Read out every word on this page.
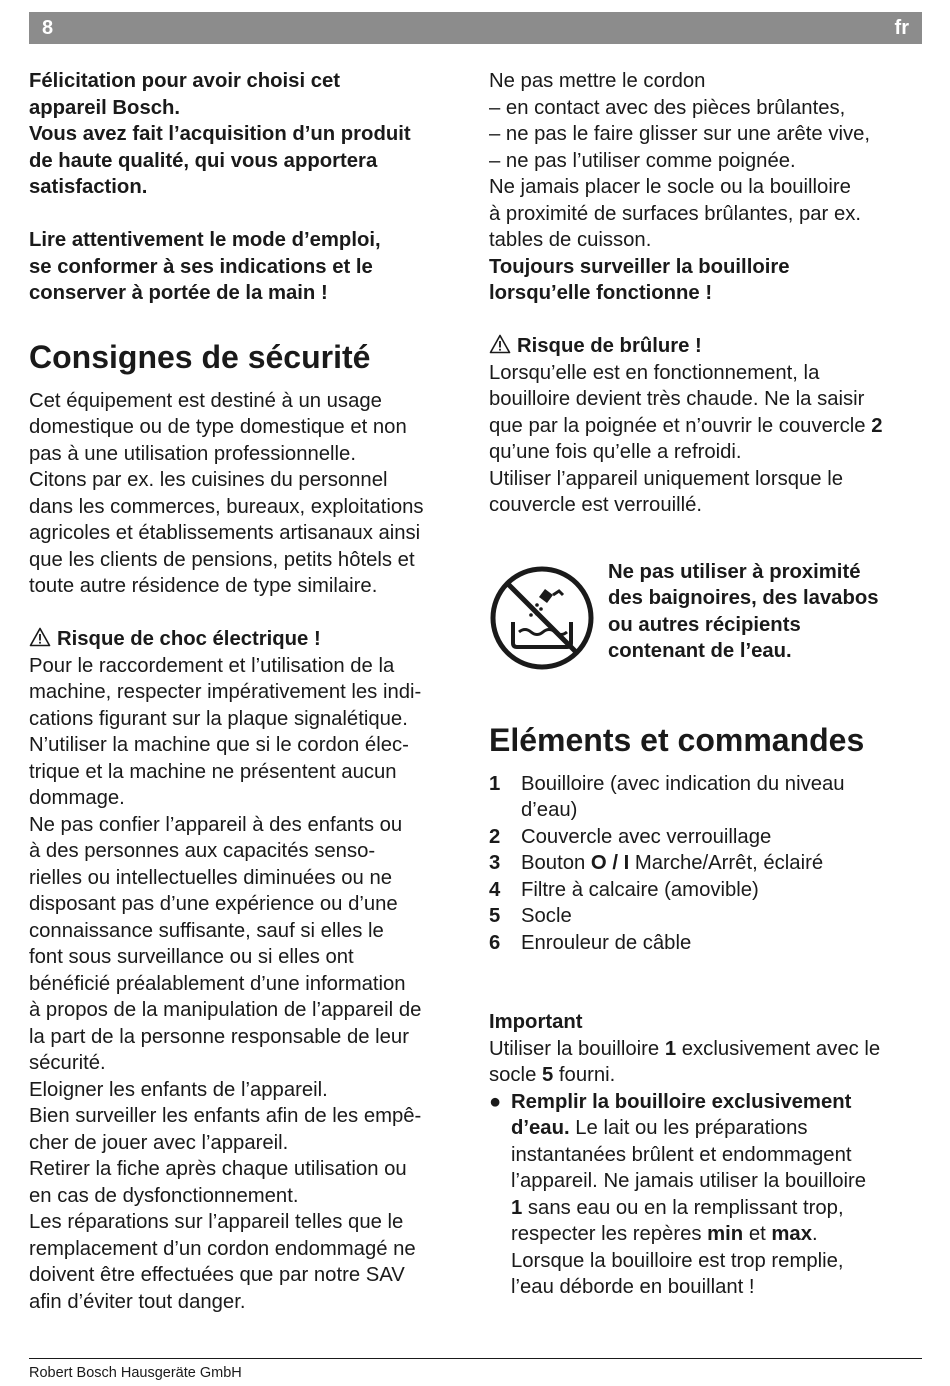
8	fr

Félicitation pour avoir choisi cet

appareil Bosch.

Vous avez fait l’acquisition d’un produit

de haute qualité, qui vous apportera

satisfaction.

Lire attentivement le mode d’emploi,

se conformer à ses indications et le

conserver à portée de la main !

Consignes de sécurité

Cet équipement est destiné à un usage

domestique ou de type domestique et non

pas à une utilisation professionnelle.

Citons par ex. les cuisines du personnel

dans les commerces, bureaux, exploitations

agricoles et établissements artisanaux ainsi

que les clients de pensions, petits hôtels et

toute autre résidence de type similaire.

Risque de choc électrique !

Pour le raccordement et l’utilisation de la

machine, respecter impérativement les indi-

cations figurant sur la plaque signalétique.

N’utiliser la machine que si le cordon élec-

trique et la machine ne présentent aucun

dommage.

Ne pas confier l’appareil à des enfants ou

à des personnes aux capacités senso-

rielles ou intellectuelles diminuées ou ne

disposant pas d’une expérience ou d’une

connaissance suffisante, sauf si elles le

font sous surveillance ou si elles ont

bénéficié préalablement d’une information

à propos de la manipulation de l’appareil de

la part de la personne responsable de leur

sécurité.

Eloigner les enfants de l’appareil.

Bien surveiller les enfants afin de les empê-

cher de jouer avec l’appareil.

Retirer la fiche après chaque utilisation ou

en cas de dysfonctionnement.

Les réparations sur l’appareil telles que le

remplacement d’un cordon endommagé ne

doivent être effectuées que par notre SAV

afin d’éviter tout danger.

Ne pas mettre le cordon

– en contact avec des pièces brûlantes,

– ne pas le faire glisser sur une arête vive,

– ne pas l’utiliser comme poignée.

Ne jamais placer le socle ou la bouilloire

à proximité de surfaces brûlantes, par ex.

tables de cuisson.

Toujours surveiller la bouilloire

lorsqu’elle fonctionne !

Risque de brûlure !

Lorsqu’elle est en fonctionnement, la

bouilloire devient très chaude. Ne la saisir

que par la poignée et n’ouvrir le couvercle 2

qu’une fois qu’elle a refroidi.

Utiliser l’appareil uniquement lorsque le

couvercle est verrouillé.

Ne pas utiliser à proximité

des baignoires, des lavabos

ou autres récipients

contenant de l’eau.

Eléments et commandes
1 Bouilloire (avec indication du niveau

d’eau)

2 Couvercle avec verrouillage

3 Bouton O / I Marche/Arrêt, éclairé

4 Filtre à calcaire (amovible)

5 Socle

6 Enrouleur de câble

Important

Utiliser la bouilloire 1 exclusivement avec le

socle 5 fourni.

● Remplir la bouilloire exclusivement

d’eau. Le lait ou les préparations

instantanées brûlent et endommagent

l’appareil. Ne jamais utiliser la bouilloire

1 sans eau ou en la remplissant trop,

respecter les repères min et max.

Lorsque la bouilloire est trop remplie,

l’eau déborde en bouillant !

Robert Bosch Hausgeräte GmbH
